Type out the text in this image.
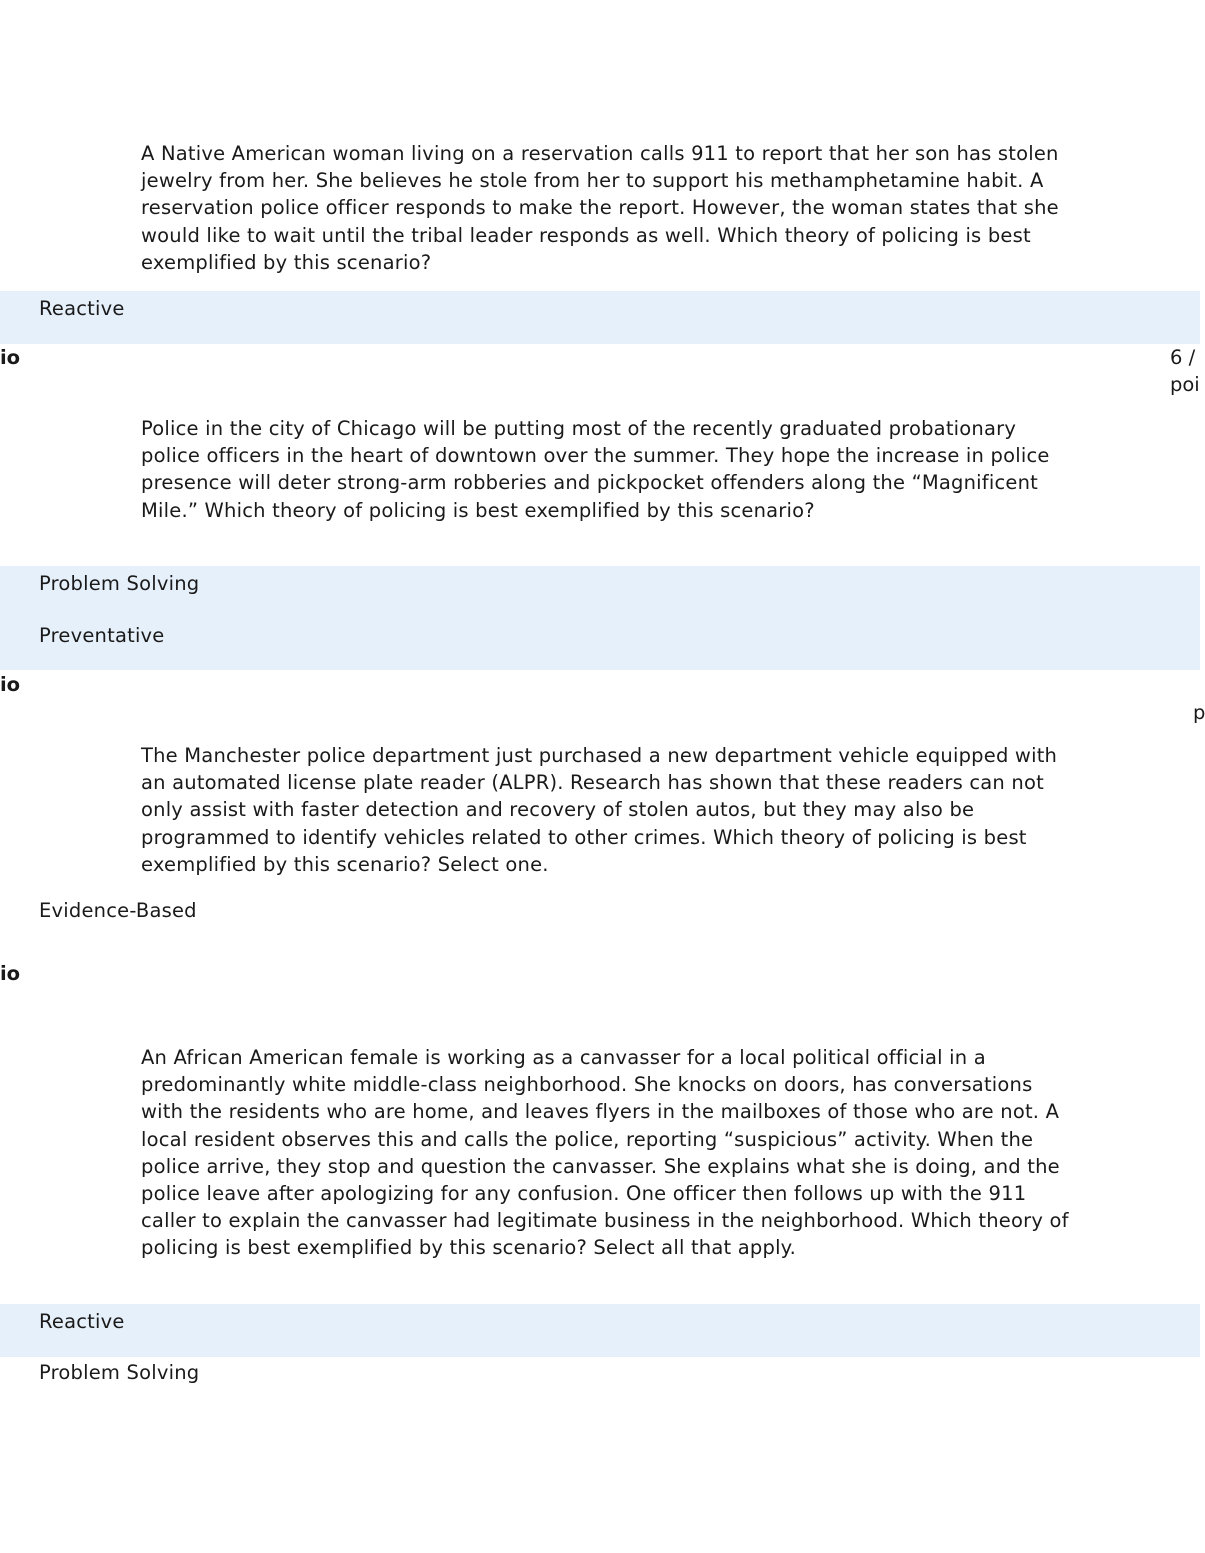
A Native American woman living on a reservation calls 911 to report that her son has stolen jewelry from her. She believes he stole from her to support his methamphetamine habit. A reservation police officer responds to make the report. However, the woman states that she would like to wait until the tribal leader responds as well. Which theory of policing is best exemplified by this scenario?

Reactive
io	6 /
poi

Police in the city of Chicago will be putting most of the recently graduated probationary police officers in the heart of downtown over the summer. They hope the increase in police presence will deter strong-arm robberies and pickpocket offenders along the “Magnificent Mile.” Which theory of policing is best exemplified by this scenario?

Problem Solving
Preventative
io
p

The Manchester police department just purchased a new department vehicle equipped with an automated license plate reader (ALPR). Research has shown that these readers can not only assist with faster detection and recovery of stolen autos, but they may also be programmed to identify vehicles related to other crimes. Which theory of policing is best exemplified by this scenario? Select one.

Evidence-Based
io

An African American female is working as a canvasser for a local political official in a predominantly white middle-class neighborhood. She knocks on doors, has conversations with the residents who are home, and leaves flyers in the mailboxes of those who are not. A local resident observes this and calls the police, reporting “suspicious” activity. When the police arrive, they stop and question the canvasser. She explains what she is doing, and the police leave after apologizing for any confusion. One officer then follows up with the 911 caller to explain the canvasser had legitimate business in the neighborhood. Which theory of policing is best exemplified by this scenario? Select all that apply.

Reactive
Problem Solving
